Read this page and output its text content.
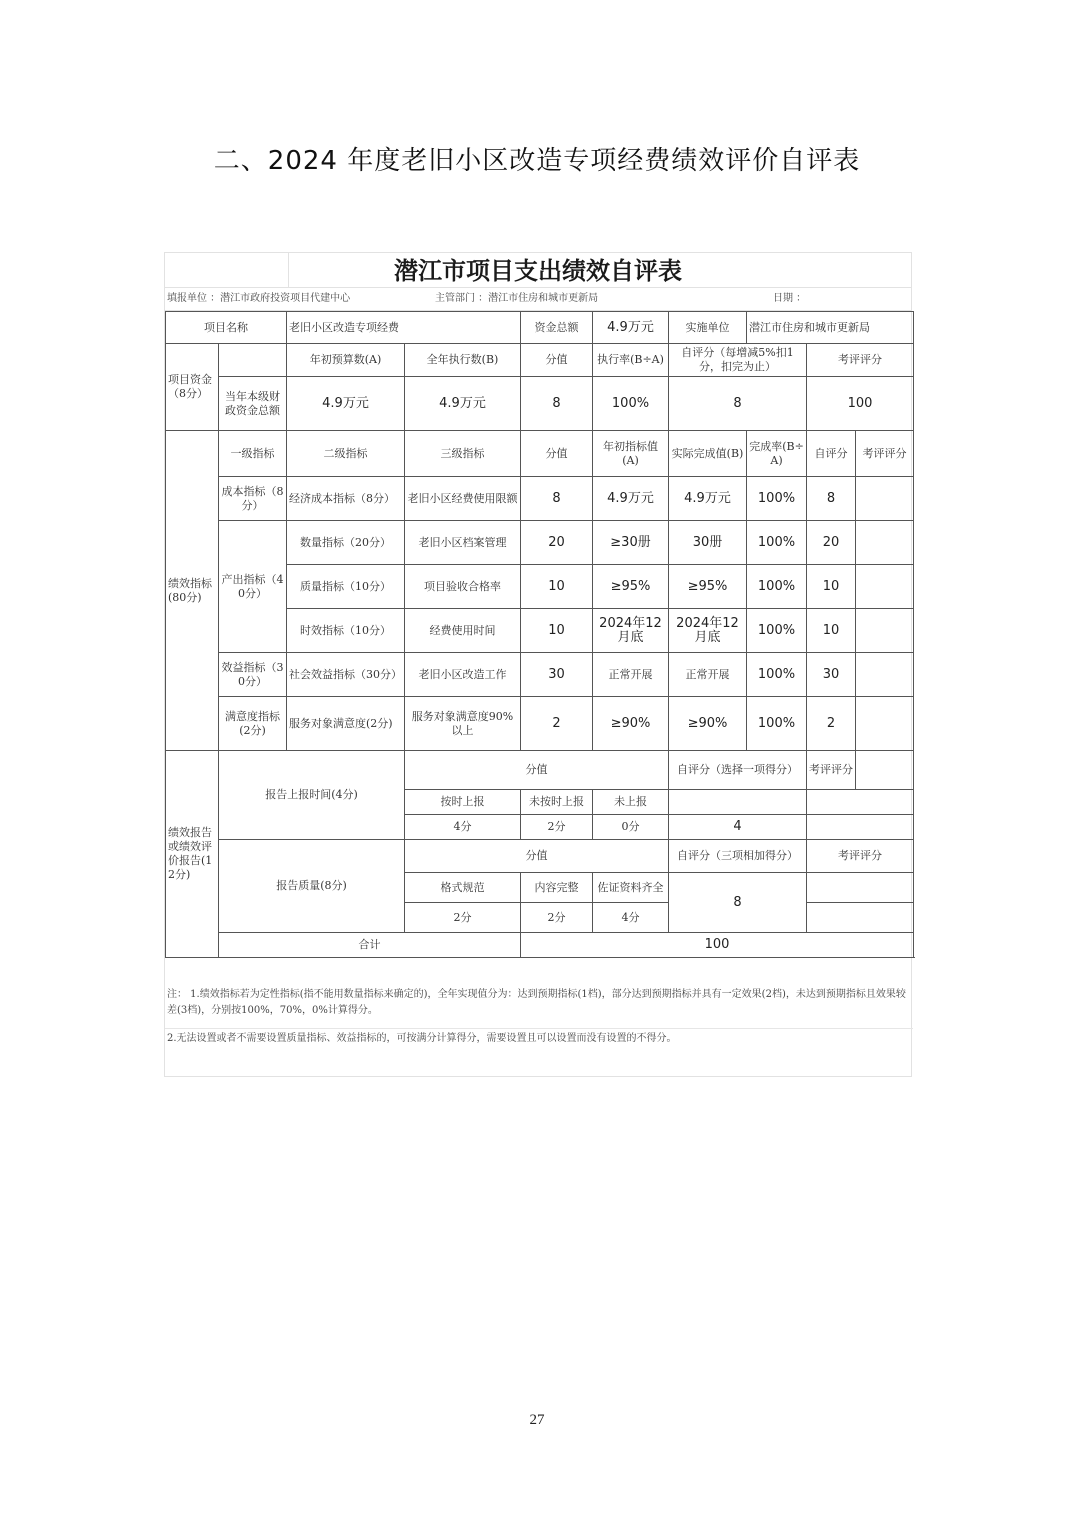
二、2024 年度老旧小区改造专项经费绩效评价自评表
潜江市项目支出绩效自评表
填报单位 ：潜江市政府投资项目代建中心	主管部门 ：潜江市住房和城市更新局	日期 ：
项目名称		老旧小区改造专项经费		资金总额	4.9万元	实施单位	潜江市住房和城市更新局		
项目资金（8分）		年初预算数(A)	全年执行数(B)	分值	执行率(B÷A)	自评分（每增减5%扣1分，扣完为止）		考评评分	
	当年本级财政资金总额	4.9万元	4.9万元	8	100%	8		100	
绩效指标(80分)	一级指标	二级指标	三级指标	分值	年初指标值(A)	实际完成值(B)	完成率(B÷A)	自评分	考评评分
	成本指标（8分）	经济成本指标（8分）	老旧小区经费使用限额	8	4.9万元	4.9万元	100%	8	
	产出指标（40分）	数量指标（20分）	老旧小区档案管理	20	≥30册	30册	100%	20	
		质量指标（10分）	项目验收合格率	10	≥95%	≥95%	100%	10	
		时效指标（10分）	经费使用时间	10	2024年12月底	2024年12月底	100%	10	
	效益指标（30分）	社会效益指标（30分）	老旧小区改造工作	30	正常开展	正常开展	100%	30	
	满意度指标(2分)	服务对象满意度(2分)	服务对象满意度90%以上	2	≥90%	≥90%	100%	2	
绩效报告或绩效评价报告(12分)	报告上报时间(4分)		分值			自评分（选择一项得分）		考评评分	
			按时上报	未按时上报	未上报				
			4分	2分	0分	4			
	报告质量(8分)		分值			自评分（三项相加得分）		考评评分	
			格式规范	内容完整	佐证资料齐全	8			
			2分	2分	4分				
	合计			100					
注： 1.绩效指标若为定性指标(指不能用数量指标来确定的)，全年实现值分为：达到预期指标(1档)，部分达到预期指标并具有一定效果(2档)，未达到预期指标且效果较差(3档)，分别按100%，70%，0%计算得分。
2.无法设置或者不需要设置质量指标、效益指标的，可按满分计算得分，需要设置且可以设置而没有设置的不得分。
27
